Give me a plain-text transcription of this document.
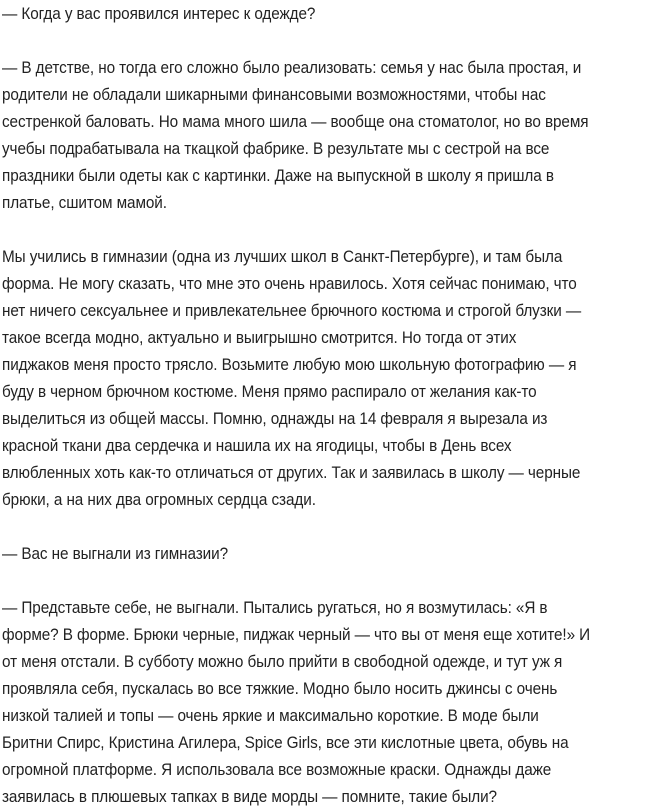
— Когда у вас проявился интерес к одежде?

— В детстве, но тогда его сложно было реализовать: семья у нас была простая, и
родители не обладали шикарными финансовыми возможностями, чтобы нас
сестренкой баловать. Но мама много шила — вообще она стоматолог, но во время
учебы подрабатывала на ткацкой фабрике. В результате мы с сестрой на все
праздники были одеты как с картинки. Даже на выпускной в школу я пришла в
платье, сшитом мамой.

Мы учились в гимназии (одна из лучших школ в Санкт-Петербурге), и там была
форма. Не могу сказать, что мне это очень нравилось. Хотя сейчас понимаю, что
нет ничего сексуальнее и привлекательнее брючного костюма и строгой блузки —
такое всегда модно, актуально и выигрышно смотрится. Но тогда от этих
пиджаков меня просто трясло. Возьмите любую мою школьную фотографию — я
буду в черном брючном костюме. Меня прямо распирало от желания как-то
выделиться из общей массы. Помню, однажды на 14 февраля я вырезала из
красной ткани два сердечка и нашила их на ягодицы, чтобы в День всех
влюбленных хоть как-то отличаться от других. Так и заявилась в школу — черные
брюки, а на них два огромных сердца сзади.

— Вас не выгнали из гимназии?

— Представьте себе, не выгнали. Пытались ругаться, но я возмутилась: «Я в
форме? В форме. Брюки черные, пиджак черный — что вы от меня еще хотите!» И
от меня отстали. В субботу можно было прийти в свободной одежде, и тут уж я
проявляла себя, пускалась во все тяжкие. Модно было носить джинсы с очень
низкой талией и топы — очень яркие и максимально короткие. В моде были
Бритни Спирс, Кристина Агилера, Spice Girls, все эти кислотные цвета, обувь на
огромной платформе. Я использовала все возможные краски. Однажды даже
заявилась в плюшевых тапках в виде морды — помните, такие были?
